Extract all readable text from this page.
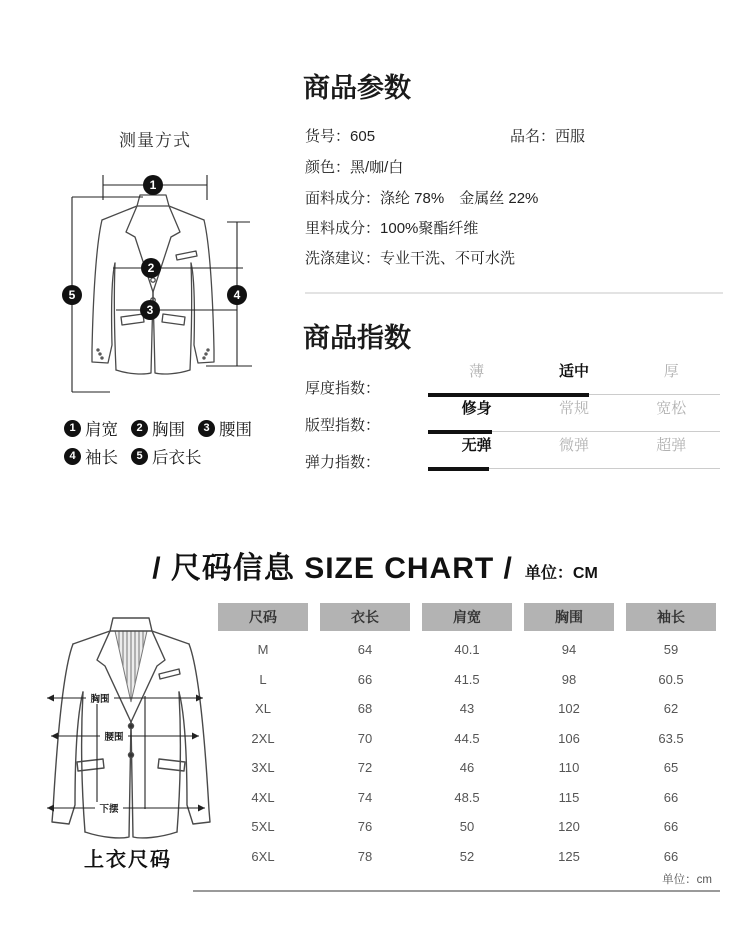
测量方式
1
2
3
4
5
1 肩宽	2 胸围	3 腰围
4 袖长	5 后衣长
胸围
腰围
下摆
上衣尺码
商品参数
货号：605	品名：西服
颜色：黑/咖/白
面料成分：涤纶 78%　金属丝 22%
里料成分：100%聚酯纤维
洗涤建议：专业干洗、不可水洗
商品指数
厚度指数：
薄	适中	厚
版型指数：
修身	常规	宽松
弹力指数：
无弹	微弹	超弹
/ 尺码信息 SIZE CHART / 单位：CM
尺码	衣长	肩宽	胸围	袖长
M	64	40.1	94	59
L	66	41.5	98	60.5
XL	68	43	102	62
2XL	70	44.5	106	63.5
3XL	72	46	110	65
4XL	74	48.5	115	66
5XL	76	50	120	66
6XL	78	52	125	66
单位：cm
